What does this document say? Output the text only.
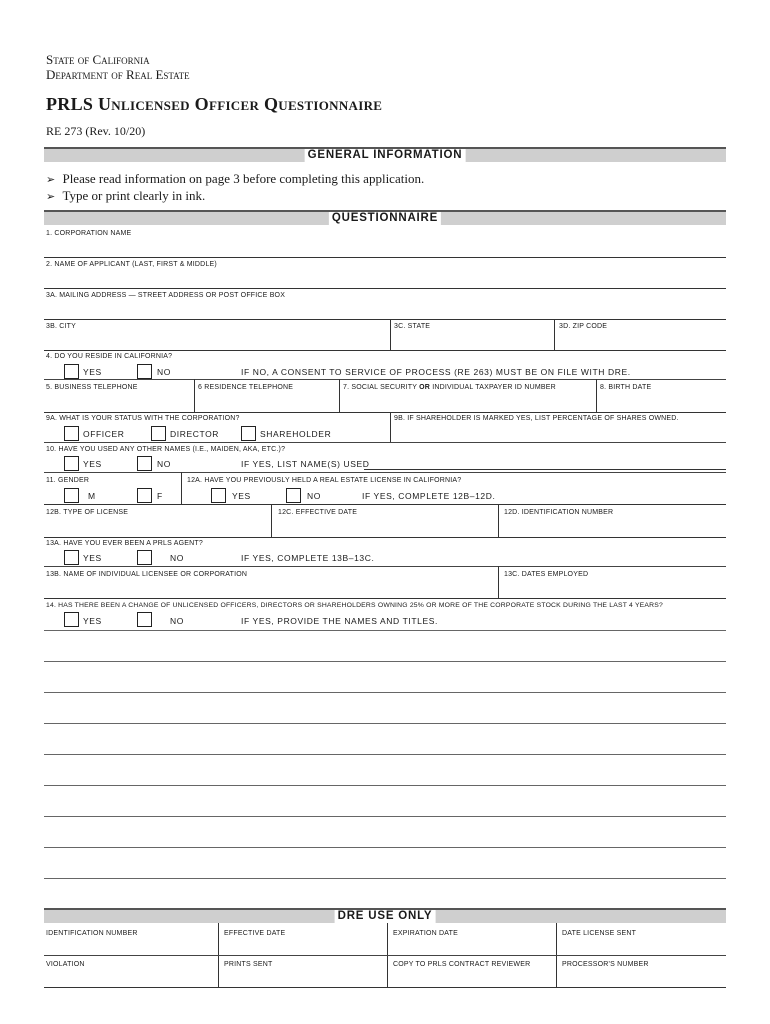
State of California
Department of Real Estate
PRLS Unlicensed Officer Questionnaire
RE 273 (Rev. 10/20)
GENERAL INFORMATION
➢ Please read information on page 3 before completing this application.
➢ Type or print clearly in ink.
QUESTIONNAIRE
1. CORPORATION NAME
2. NAME OF APPLICANT (LAST, FIRST & MIDDLE)
3A. MAILING ADDRESS — STREET ADDRESS OR POST OFFICE BOX
3B. CITY	3C. STATE	3D. ZIP CODE
4. DO YOU RESIDE IN CALIFORNIA?
YES	NO	IF NO, A CONSENT TO SERVICE OF PROCESS (RE 263) MUST BE ON FILE WITH DRE.
5. BUSINESS TELEPHONE	6 RESIDENCE TELEPHONE	7. SOCIAL SECURITY OR INDIVIDUAL TAXPAYER ID NUMBER	8. BIRTH DATE
9A. WHAT IS YOUR STATUS WITH THE CORPORATION?
OFFICER	DIRECTOR	SHAREHOLDER
9B. IF SHAREHOLDER IS MARKED YES, LIST PERCENTAGE OF SHARES OWNED.
10. HAVE YOU USED ANY OTHER NAMES (I.E., MAIDEN, AKA, ETC.)?
YES	NO	IF YES, LIST NAME(S) USED
11. GENDER
M	F
12A. HAVE YOU PREVIOUSLY HELD A REAL ESTATE LICENSE IN CALIFORNIA?
YES	NO	IF YES, COMPLETE 12B–12D.
12B. TYPE OF LICENSE	12C. EFFECTIVE DATE	12D. IDENTIFICATION NUMBER
13A. HAVE YOU EVER BEEN A PRLS AGENT?
YES	NO	IF YES, COMPLETE 13B–13C.
13B. NAME OF INDIVIDUAL LICENSEE OR CORPORATION	13C. DATES EMPLOYED
14. HAS THERE BEEN A CHANGE OF UNLICENSED OFFICERS, DIRECTORS OR SHAREHOLDERS OWNING 25% OR MORE OF THE CORPORATE STOCK DURING THE LAST 4 YEARS?
YES	NO	IF YES, PROVIDE THE NAMES AND TITLES.
DRE USE ONLY
IDENTIFICATION NUMBER	EFFECTIVE DATE	EXPIRATION DATE	DATE LICENSE SENT
VIOLATION	PRINTS SENT	COPY TO PRLS CONTRACT REVIEWER	PROCESSOR'S NUMBER
